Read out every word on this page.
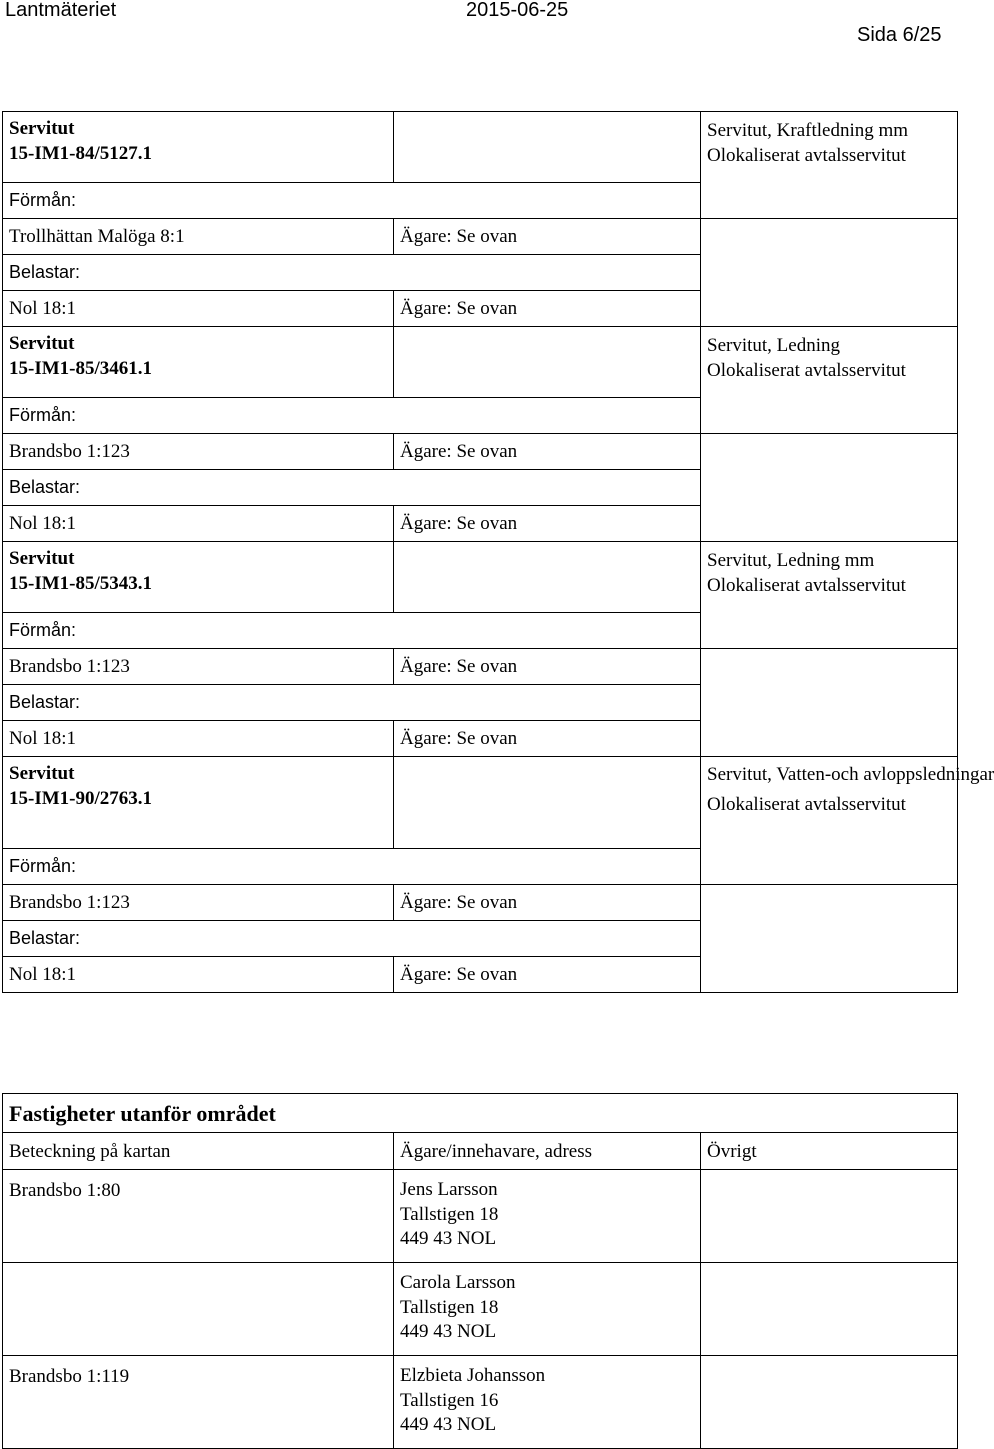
Lantmäteriet	2015-06-25
Sida 6/25
Servitut
15-IM1-84/5127.1		Servitut, Kraftledning mm
Olokaliserat avtalsservitut

Förmån:		
Trollhättan Malöga 8:1	Ägare: Se ovan	
Belastar:		
Nol 18:1	Ägare: Se ovan	

Servitut
15-IM1-85/3461.1		Servitut, Ledning
Olokaliserat avtalsservitut

Förmån:		
Brandsbo 1:123	Ägare: Se ovan	
Belastar:		
Nol 18:1	Ägare: Se ovan	

Servitut
15-IM1-85/5343.1		Servitut, Ledning mm
Olokaliserat avtalsservitut

Förmån:		
Brandsbo 1:123	Ägare: Se ovan	
Belastar:		
Nol 18:1	Ägare: Se ovan	

Servitut
15-IM1-90/2763.1		Servitut, Vatten-och avloppsledningar
Olokaliserat avtalsservitut

Förmån:		
Brandsbo 1:123	Ägare: Se ovan	
Belastar:		
Nol 18:1	Ägare: Se ovan	
Fastigheter utanför området		
Beteckning på kartan	Ägare/innehavare, adress	Övrigt
Brandsbo 1:80	Jens Larsson
Tallstigen 18
449 43 NOL	

	Carola Larsson
Tallstigen 18
449 43 NOL	

Brandsbo 1:119	Elzbieta Johansson
Tallstigen 16
449 43 NOL	
